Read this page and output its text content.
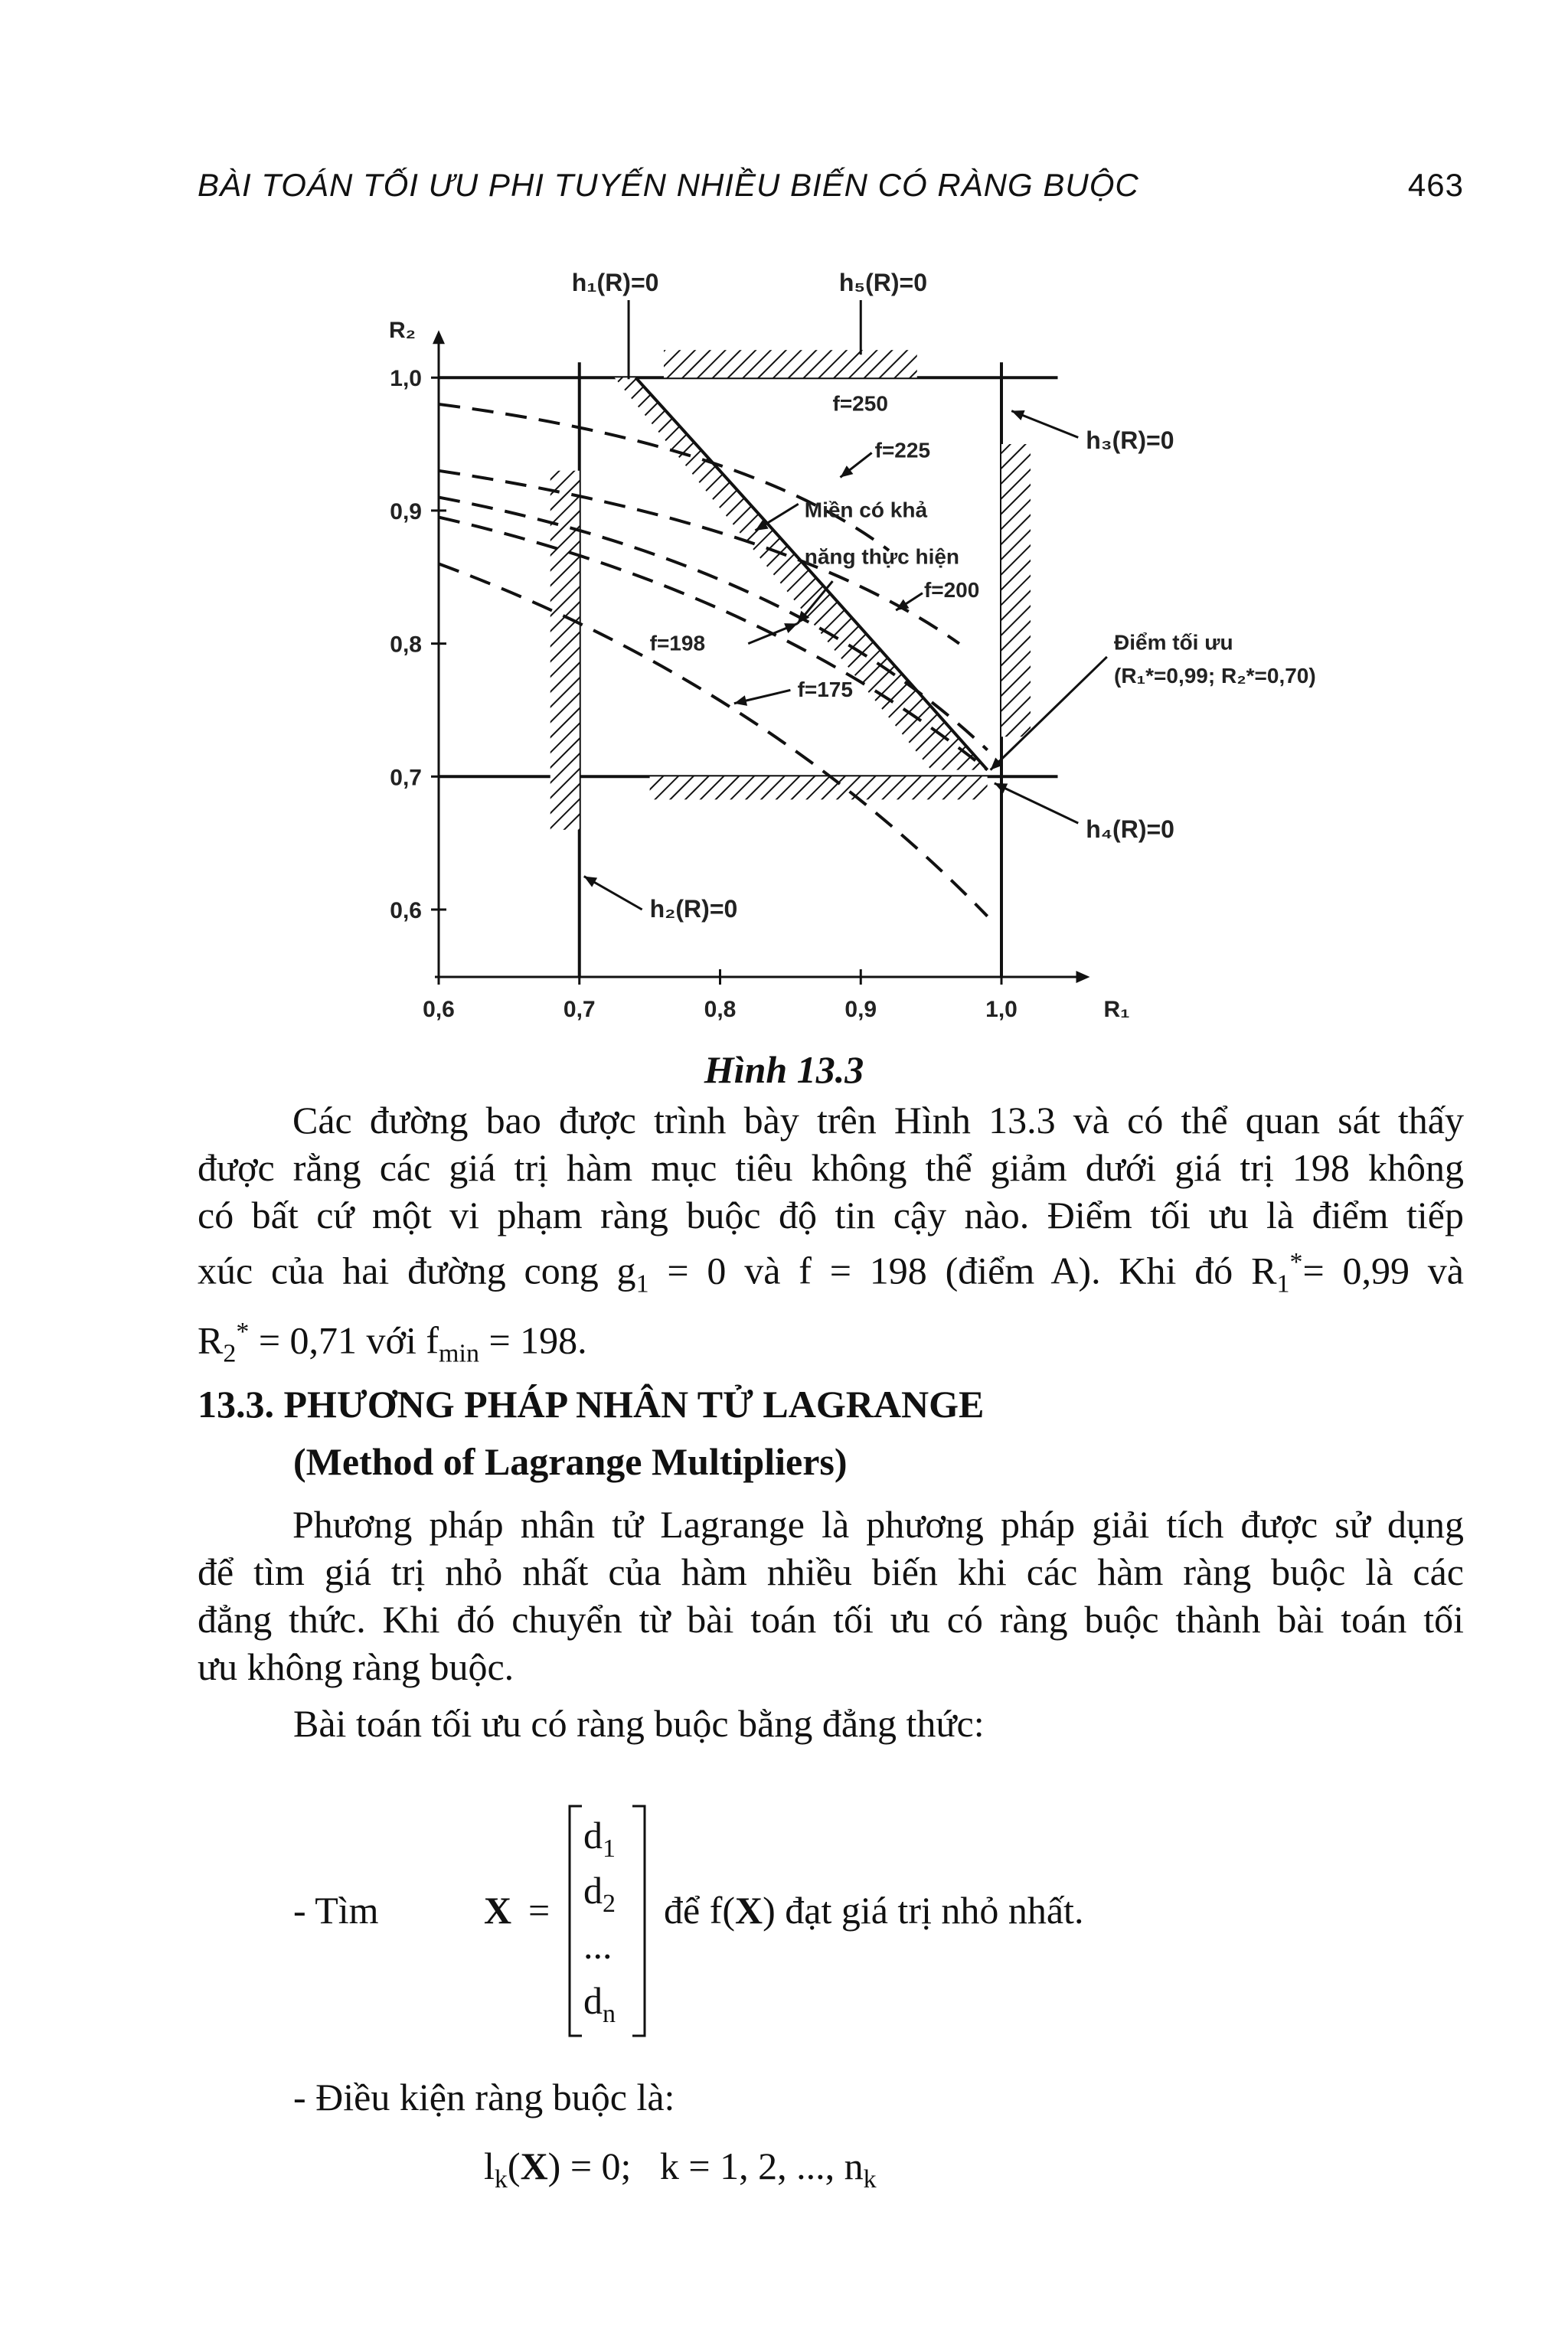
BÀI TOÁN TỐI ƯU PHI TUYẾN NHIỀU BIẾN CÓ RÀNG BUỘC	463
0,6
0,7
0,8
0,9
1,0
0,6	0,7	0,8	0,9	1,0	R₁
R₂
h₁(R)=0	h₅(R)=0
h₃(R)=0
h₄(R)=0
h₂(R)=0
f=250
f=225
f=200
f=198
f=175
Miền có khả
năng thực hiện
Điểm tối ưu
(R₁*=0,99; R₂*=0,70)
Hình 13.3
Các đường bao được trình bày trên Hình 13.3 và có thể quan sát thấy
được rằng các giá trị hàm mục tiêu không thể giảm dưới giá trị 198 không
có bất cứ một vi phạm ràng buộc độ tin cậy nào. Điểm tối ưu là điểm tiếp
xúc của hai đường cong $g_1 = 0$ và f = 198 (điểm A). Khi đó $R_1^*= 0,99$ và
$R_2^* = 0,71$ với $f_{min} = 198$.
13.3. PHƯƠNG PHÁP NHÂN TỬ LAGRANGE
(Method of Lagrange Multipliers)
Phương pháp nhân tử Lagrange là phương pháp giải tích được sử dụng
để tìm giá trị nhỏ nhất của hàm nhiều biến khi các hàm ràng buộc là các
đẳng thức. Khi đó chuyển từ bài toán tối ưu có ràng buộc thành bài toán tối
ưu không ràng buộc.
Bài toán tối ưu có ràng buộc bằng đẳng thức:
- Tìm	X =
$d_1$
$d_2$
...
$d_n$
để f(X) đạt giá trị nhỏ nhất.
- Điều kiện ràng buộc là:
$l_k(X) = 0$;   k = 1, 2, ..., $n_k$
